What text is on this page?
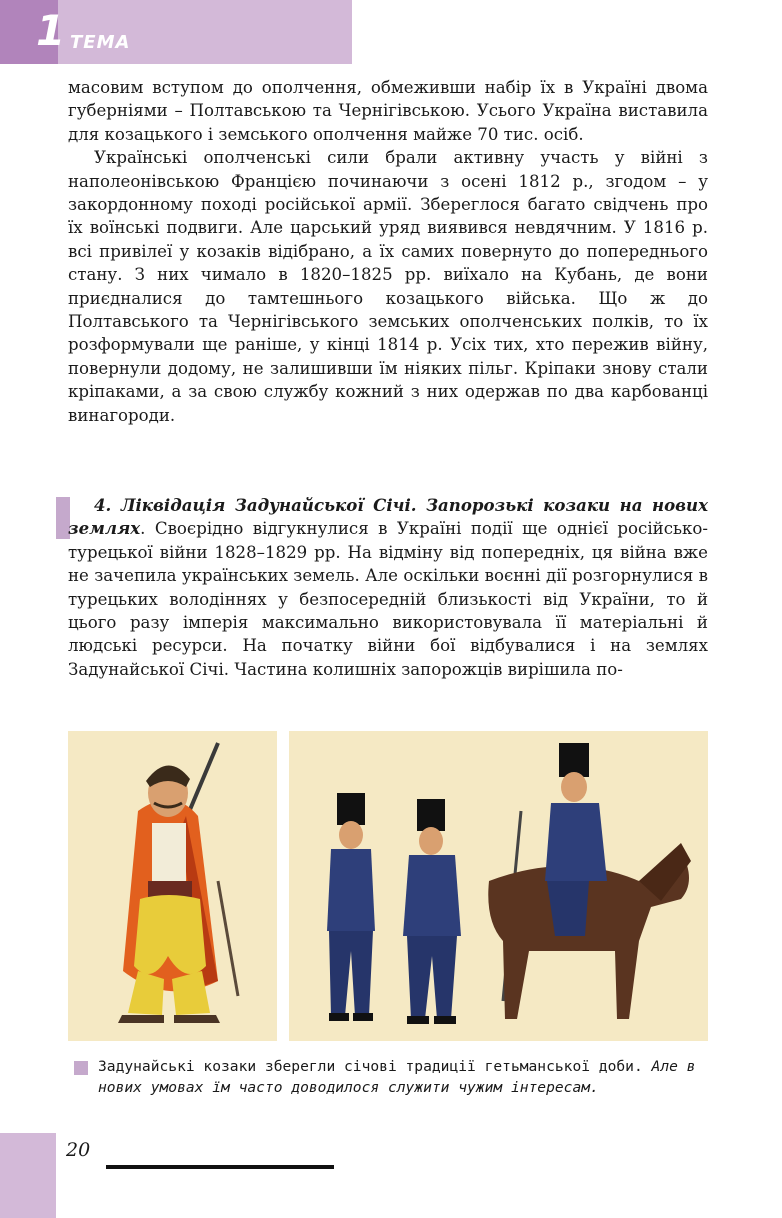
1 ТЕМА

масовим вступом до ополчення, обмеживши набір їх в Україні двома губерніями – Полтавською та Чернігівською. Усього Україна виставила для козацького і земського ополчення майже 70 тис. осіб.

Українські ополченські сили брали активну участь у війні з наполеонівською Францією починаючи з осені 1812 р., згодом – у закордонному поході російської армії. Збереглося багато свідчень про їх воїнські подвиги. Але царський уряд виявився невдячним. У 1816 р. всі привілеї у козаків відібрано, а їх самих повернуто до попереднього стану. З них чимало в 1820–1825 рр. виїхало на Кубань, де вони приєдналися до тамтешнього козацького війська. Що ж до Полтавського та Чернігівського земських ополченських полків, то їх розформували ще раніше, у кінці 1814 р. Усіх тих, хто пережив війну, повернули додому, не залишивши їм ніяких пільг. Кріпаки знову стали кріпаками, а за свою службу кожний з них одержав по два карбованці винагороди.

4. Ліквідація Задунайської Січі. Запорозькі козаки на нових землях. Своєрідно відгукнулися в Україні події ще однієї російсько-турецької війни 1828–1829 рр. На відміну від попередніх, ця війна вже не зачепила українських земель. Але оскільки воєнні дії розгорнулися в турецьких володіннях у безпосередній близькості від України, то й цього разу імперія максимально використовувала її матеріальні й людські ресурси. На початку війни бої відбувалися і на землях Задунайської Січі. Частина колишніх запорожців вирішила по-

Задунайські козаки зберегли січові традиції гетьманської доби. Але в нових умовах їм часто доводилося служити чужим інтересам.
20
